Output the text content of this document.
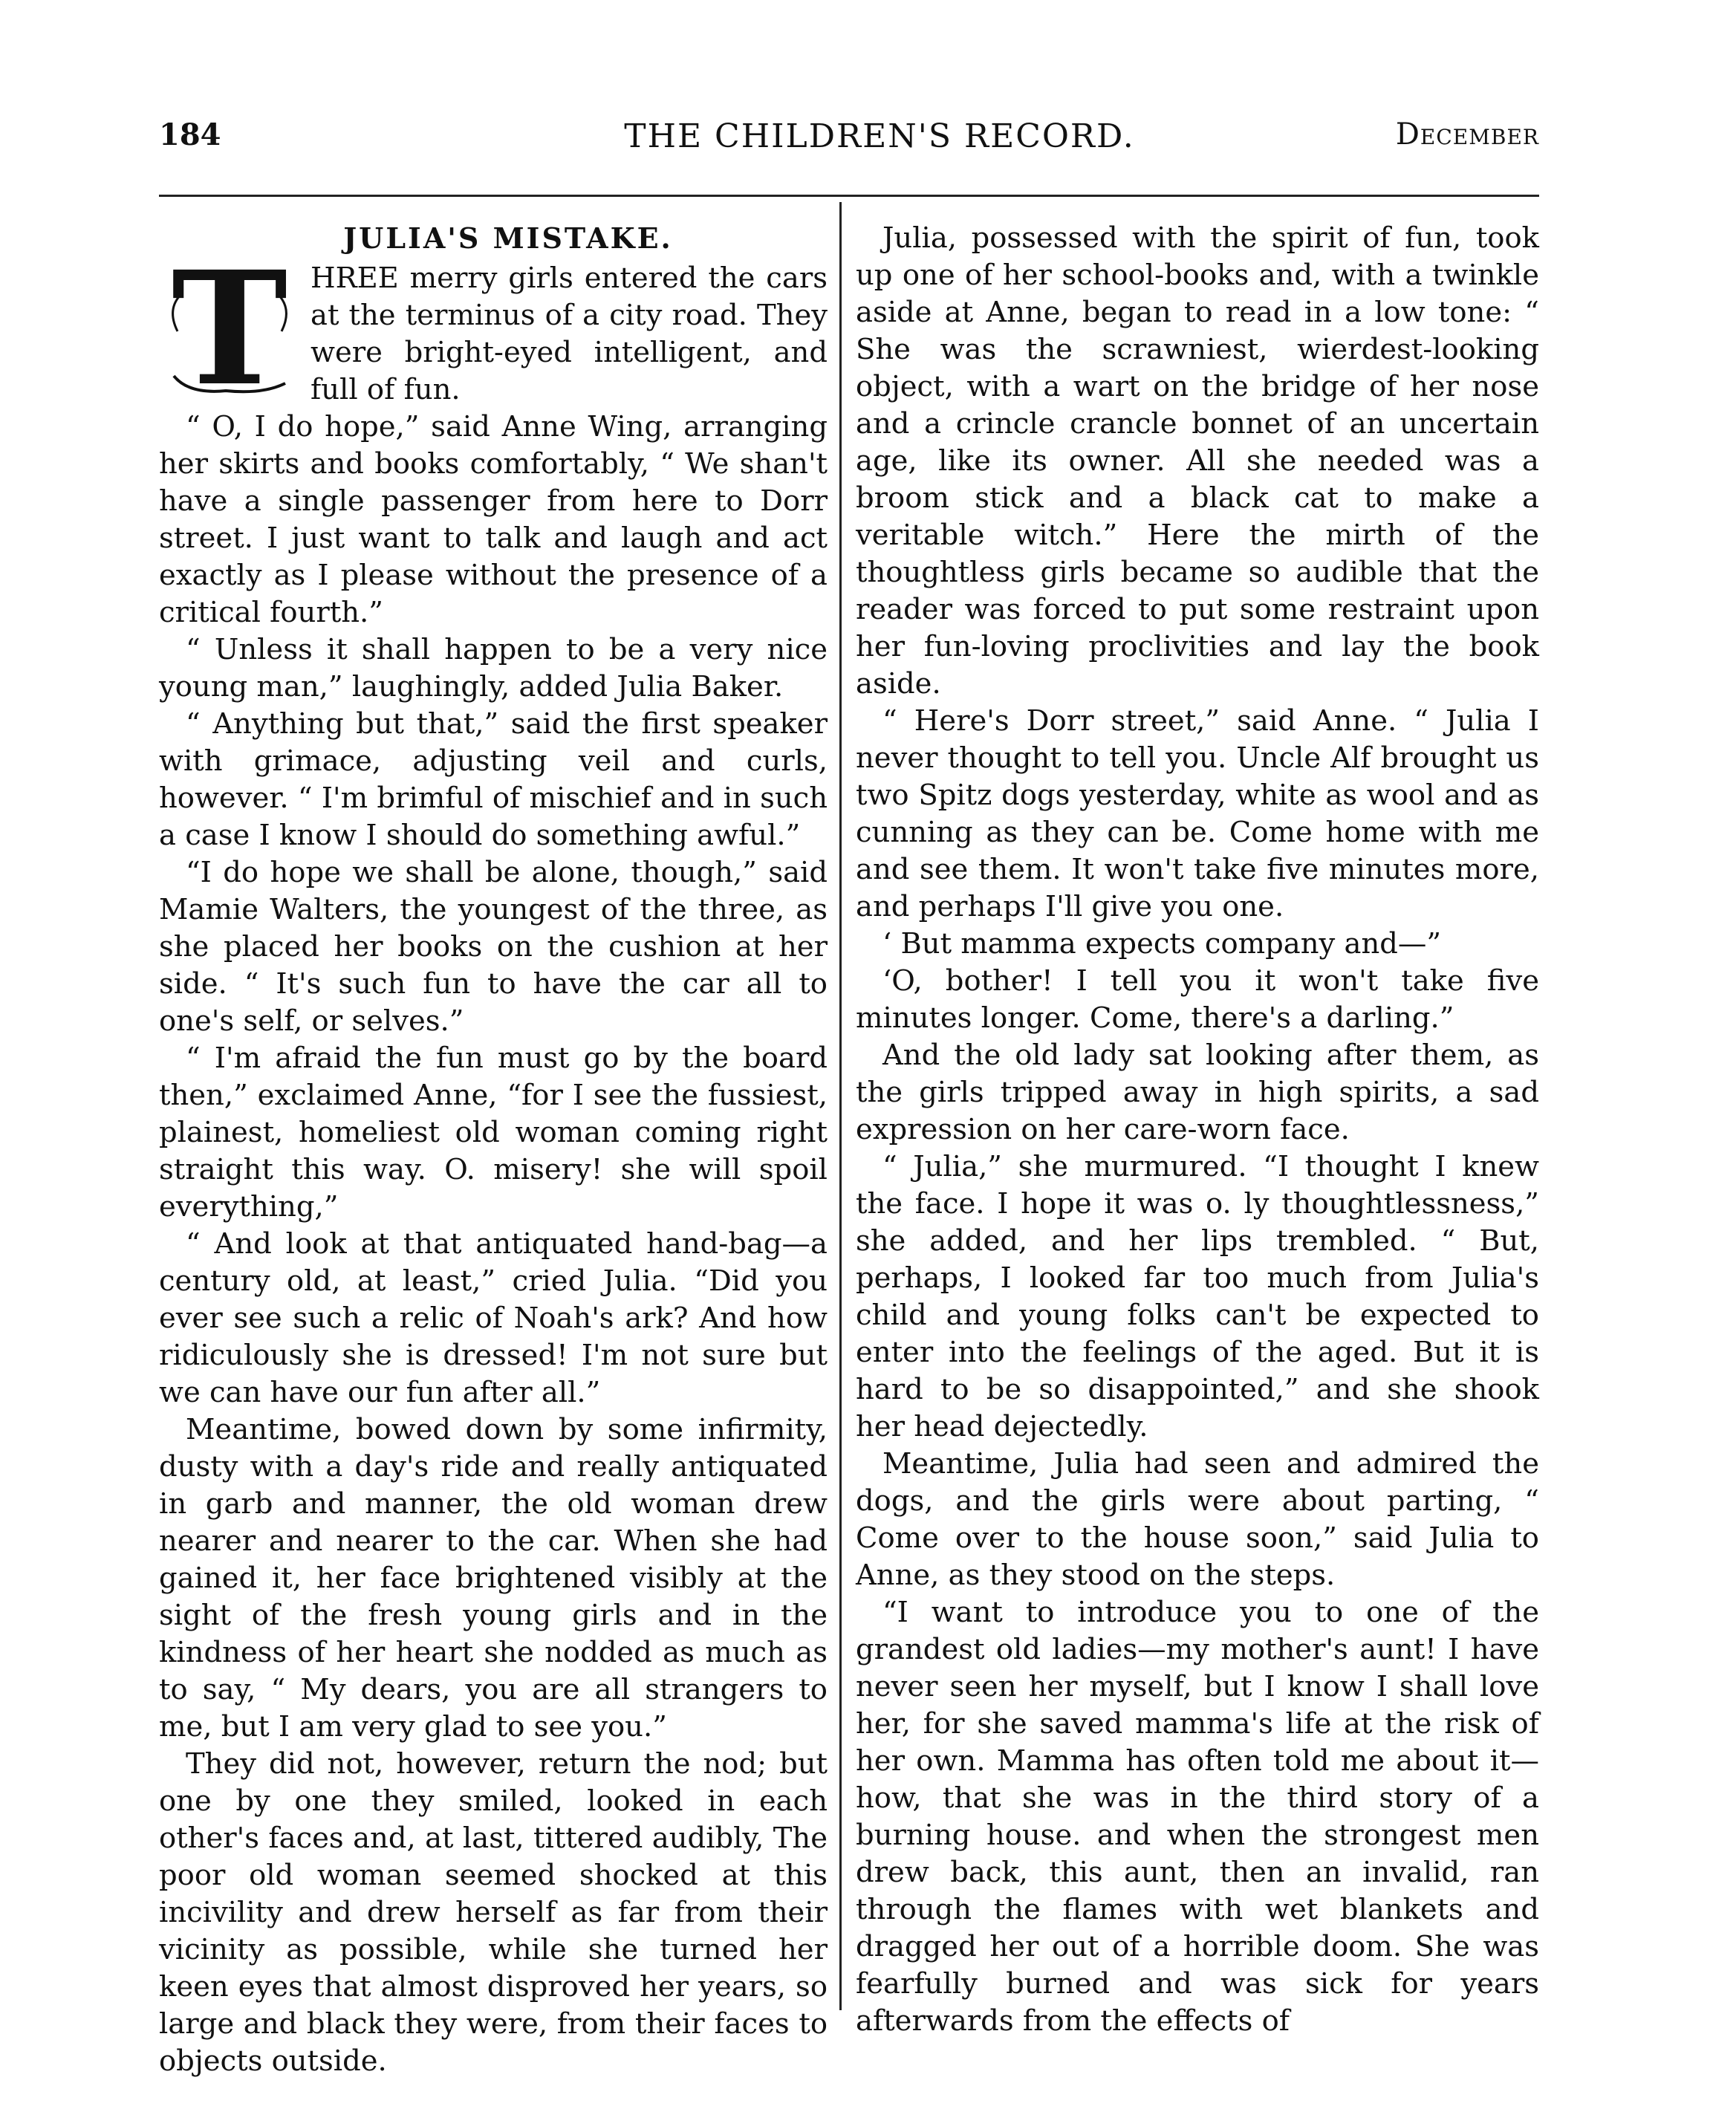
184	THE CHILDREN'S RECORD.	December
JULIA'S MISTAKE.
T HREE merry girls entered the cars at the terminus of a city road. They were bright-eyed intelligent, and full of fun.

“ O, I do hope,” said Anne Wing, arranging her skirts and books comfortably, “ We shan't have a single passenger from here to Dorr street. I just want to talk and laugh and act exactly as I please without the presence of a critical fourth.”

“ Unless it shall happen to be a very nice young man,” laughingly, added Julia Baker.

“ Anything but that,” said the first speaker with grimace, adjusting veil and curls, however. “ I'm brimful of mischief and in such a case I know I should do something awful.”

“I do hope we shall be alone, though,” said Mamie Walters, the youngest of the three, as she placed her books on the cushion at her side. “ It's such fun to have the car all to one's self, or selves.”

“ I'm afraid the fun must go by the board then,” exclaimed Anne, “for I see the fussiest, plainest, homeliest old woman coming right straight this way. O. misery! she will spoil everything,”

“ And look at that antiquated hand-bag—a century old, at least,” cried Julia. “Did you ever see such a relic of Noah's ark? And how ridiculously she is dressed! I'm not sure but we can have our fun after all.”

Meantime, bowed down by some infirmity, dusty with a day's ride and really antiquated in garb and manner, the old woman drew nearer and nearer to the car. When she had gained it, her face brightened visibly at the sight of the fresh young girls and in the kindness of her heart she nodded as much as to say, “ My dears, you are all strangers to me, but I am very glad to see you.”

They did not, however, return the nod; but one by one they smiled, looked in each other's faces and, at last, tittered audibly, The poor old woman seemed shocked at this incivility and drew herself as far from their vicinity as possible, while she turned her keen eyes that almost disproved her years, so large and black they were, from their faces to objects outside.

Julia, possessed with the spirit of fun, took up one of her school-books and, with a twinkle aside at Anne, began to read in a low tone: “ She was the scrawniest, wierdest-looking object, with a wart on the bridge of her nose and a crincle crancle bonnet of an uncertain age, like its owner. All she needed was a broom stick and a black cat to make a veritable witch.” Here the mirth of the thoughtless girls became so audible that the reader was forced to put some restraint upon her fun-loving proclivities and lay the book aside.

“ Here's Dorr street,” said Anne. “ Julia I never thought to tell you. Uncle Alf brought us two Spitz dogs yesterday, white as wool and as cunning as they can be. Come home with me and see them. It won't take five minutes more, and perhaps I'll give you one.

‘ But mamma expects company and—”

‘O, bother! I tell you it won't take five minutes longer. Come, there's a darling.”

And the old lady sat looking after them, as the girls tripped away in high spirits, a sad expression on her care-worn face.

“ Julia,” she murmured. “I thought I knew the face. I hope it was o. ly thoughtlessness,” she added, and her lips trembled. “ But, perhaps, I looked far too much from Julia's child and young folks can't be expected to enter into the feelings of the aged. But it is hard to be so disappointed,” and she shook her head dejectedly.

Meantime, Julia had seen and admired the dogs, and the girls were about parting, “ Come over to the house soon,” said Julia to Anne, as they stood on the steps.

“I want to introduce you to one of the grandest old ladies—my mother's aunt! I have never seen her myself, but I know I shall love her, for she saved mamma's life at the risk of her own. Mamma has often told me about it—how, that she was in the third story of a burning house. and when the strongest men drew back, this aunt, then an invalid, ran through the flames with wet blankets and dragged her out of a horrible doom. She was fearfully burned and was sick for years afterwards from the effects of
